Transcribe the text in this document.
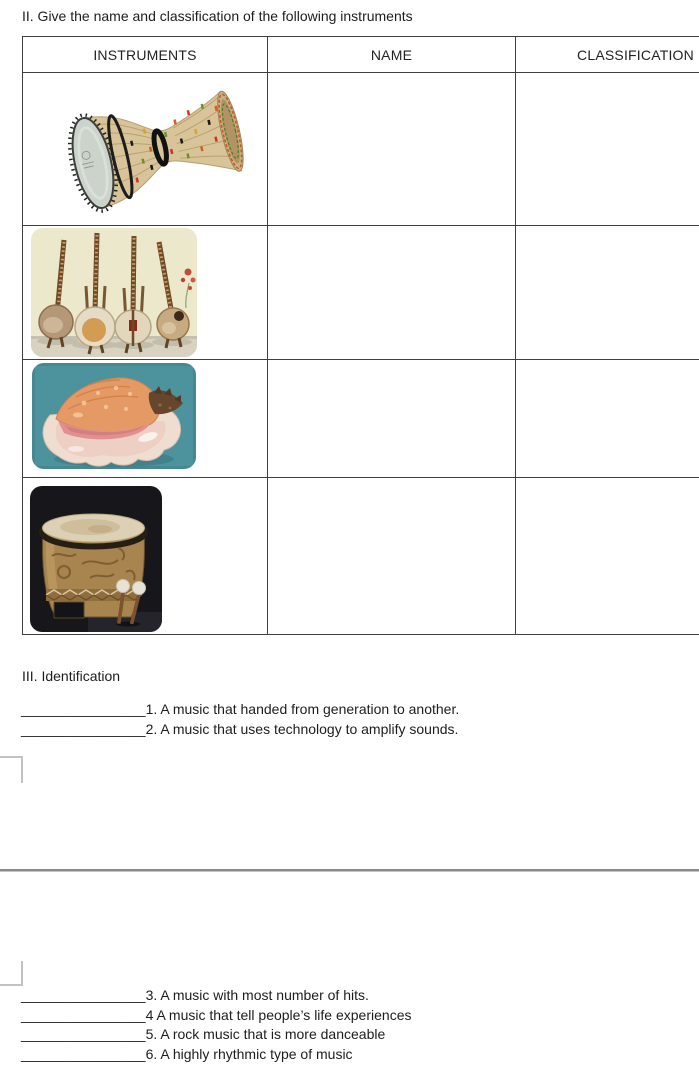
II. Give the name and classification of the following instruments
INSTRUMENTS	NAME	CLASSIFICATION
III. Identification
________________1. A music that handed from generation to another.
________________2. A music that uses technology to amplify sounds.
________________3. A music with most number of hits.
________________4 A music that tell people’s life experiences
________________5. A rock music that is more danceable
________________6. A highly rhythmic type of music
